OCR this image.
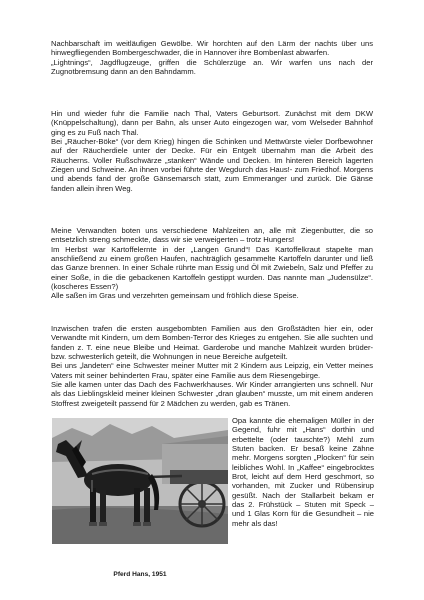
Nachbarschaft im weitläufigen Gewölbe. Wir horchten auf den Lärm der nachts über uns hinwegfliegenden Bombergeschwader, die in Hannover ihre Bombenlast abwarfen.

„Lightnings“, Jagdflugzeuge, griffen die Schülerzüge an. Wir warfen uns nach der Zugnotbremsung dann an den Bahndamm.

Hin und wieder fuhr die Familie nach Thal, Vaters Geburtsort. Zunächst mit dem DKW (Knüppelschaltung), dann per Bahn, als unser Auto eingezogen war, vom Welseder Bahnhof ging es zu Fuß nach Thal.

Bei „Räucher-Böke“ (vor dem Krieg) hingen die Schinken und Mettwürste vieler Dorfbewohner auf der Räucherdiele unter der Decke. Für ein Entgelt übernahm man die Arbeit des Räucherns. Voller Rußschwärze „stanken“ Wände und Decken. Im hinteren Bereich lagerten Ziegen und Schweine. An ihnen vorbei führte der Wegdurch das Haus!- zum Friedhof. Morgens und abends fand der große Gänsemarsch statt, zum Emmeranger und zurück. Die Gänse fanden allein ihren Weg.

Meine Verwandten boten uns verschiedene Mahlzeiten an, alle mit Ziegenbutter, die so entsetzlich streng schmeckte, dass wir sie verweigerten – trotz Hungers!

Im Herbst war Kartoffelernte in der „Langen Grund“! Das Kartoffelkraut stapelte man anschließend zu einem großen Haufen, nachträglich gesammelte Kartoffeln darunter und ließ das Ganze brennen. In einer Schale rührte man Essig und Öl mit Zwiebeln, Salz und Pfeffer zu einer Soße, in die die gebackenen Kartoffeln gestippt wurden. Das nannte man „Judensülze“. (koscheres Essen?)

Alle saßen im Gras und verzehrten gemeinsam und fröhlich diese Speise.

Inzwischen trafen die ersten ausgebombten Familien aus den Großstädten hier ein, oder Verwandte mit Kindern, um dem Bomben-Terror des Krieges zu entgehen. Sie alle suchten und fanden z. T. eine neue Bleibe und Heimat. Garderobe und manche Mahlzeit wurden brüder- bzw. schwesterlich geteilt, die Wohnungen in neue Bereiche aufgeteilt.

Bei uns „landeten“ eine Schwester meiner Mutter mit 2 Kindern aus Leipzig, ein Vetter meines Vaters mit seiner behinderten Frau, später eine Familie aus dem Riesengebirge.

Sie alle kamen unter das Dach des Fachwerkhauses. Wir Kinder arrangierten uns schnell. Nur als das Lieblingskleid meiner kleinen Schwester „dran glauben“ musste, um mit einem anderen Stoffrest zweigeteilt passend für 2 Mädchen zu werden, gab es Tränen.

Pferd Hans, 1951

Opa kannte die ehemaligen Müller in der Gegend, fuhr mit „Hans“ dorthin und erbettelte (oder tauschte?) Mehl zum Stuten backen. Er besaß keine Zähne mehr. Morgens sorgten „Plocken“ für sein leibliches Wohl. In „Kaffee“ eingebrocktes Brot, leicht auf dem Herd geschmort, so vorhanden, mit Zucker und Rübensirup gesüßt. Nach der Stallarbeit bekam er das 2. Frühstück – Stuten mit Speck – und 1 Glas Korn für die Gesundheit – nie mehr als das!
